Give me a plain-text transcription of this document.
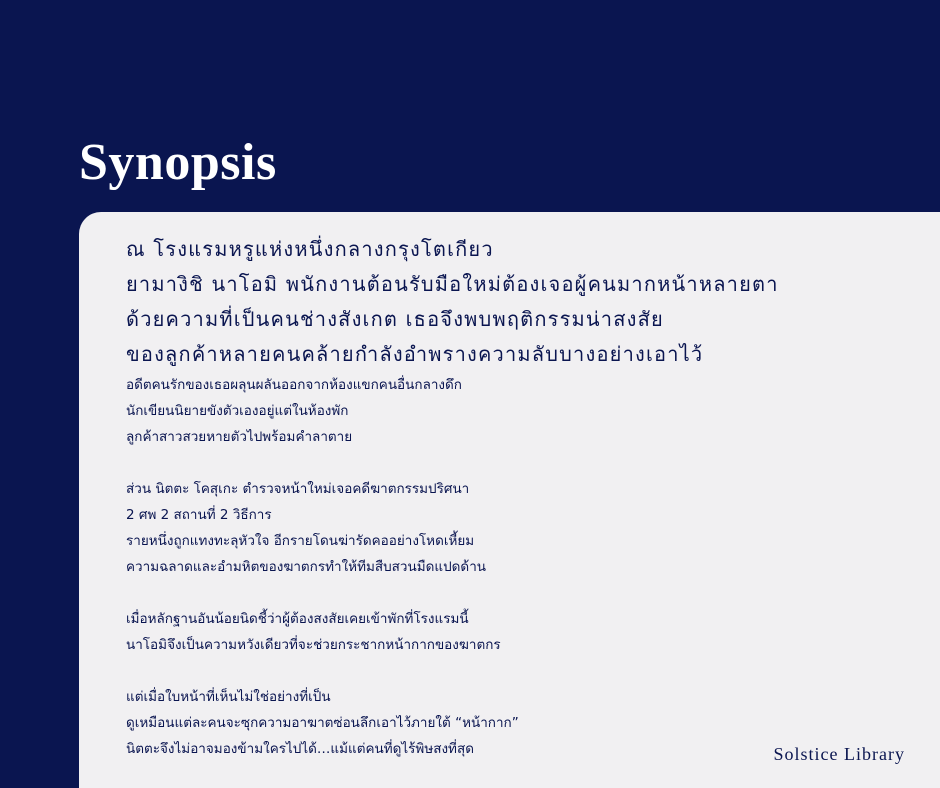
Synopsis
ณ โรงแรมหรูแห่งหนึ่งกลางกรุงโตเกียว
ยามางิชิ นาโอมิ พนักงานต้อนรับมือใหม่ต้องเจอผู้คนมากหน้าหลายตา
ด้วยความที่เป็นคนช่างสังเกต เธอจึงพบพฤติกรรมน่าสงสัย
ของลูกค้าหลายคนคล้ายกำลังอำพรางความลับบางอย่างเอาไว้
อดีตคนรักของเธอผลุนผลันออกจากห้องแขกคนอื่นกลางดึก
นักเขียนนิยายขังตัวเองอยู่แต่ในห้องพัก
ลูกค้าสาวสวยหายตัวไปพร้อมคำลาตาย
ส่วน นิตตะ โคสุเกะ ตำรวจหน้าใหม่เจอคดีฆาตกรรมปริศนา
2 ศพ 2 สถานที่ 2 วิธีการ
รายหนึ่งถูกแทงทะลุหัวใจ อีกรายโดนฆ่ารัดคออย่างโหดเหี้ยม
ความฉลาดและอำมหิตของฆาตกรทำให้ทีมสืบสวนมืดแปดด้าน
เมื่อหลักฐานอันน้อยนิดชี้ว่าผู้ต้องสงสัยเคยเข้าพักที่โรงแรมนี้
นาโอมิจึงเป็นความหวังเดียวที่จะช่วยกระชากหน้ากากของฆาตกร
แต่เมื่อใบหน้าที่เห็นไม่ใช่อย่างที่เป็น
ดูเหมือนแต่ละคนจะซุกความอาฆาตซ่อนลึกเอาไว้ภายใต้ “หน้ากาก”
นิตตะจึงไม่อาจมองข้ามใครไปได้…แม้แต่คนที่ดูไร้พิษสงที่สุด	Solstice Library
